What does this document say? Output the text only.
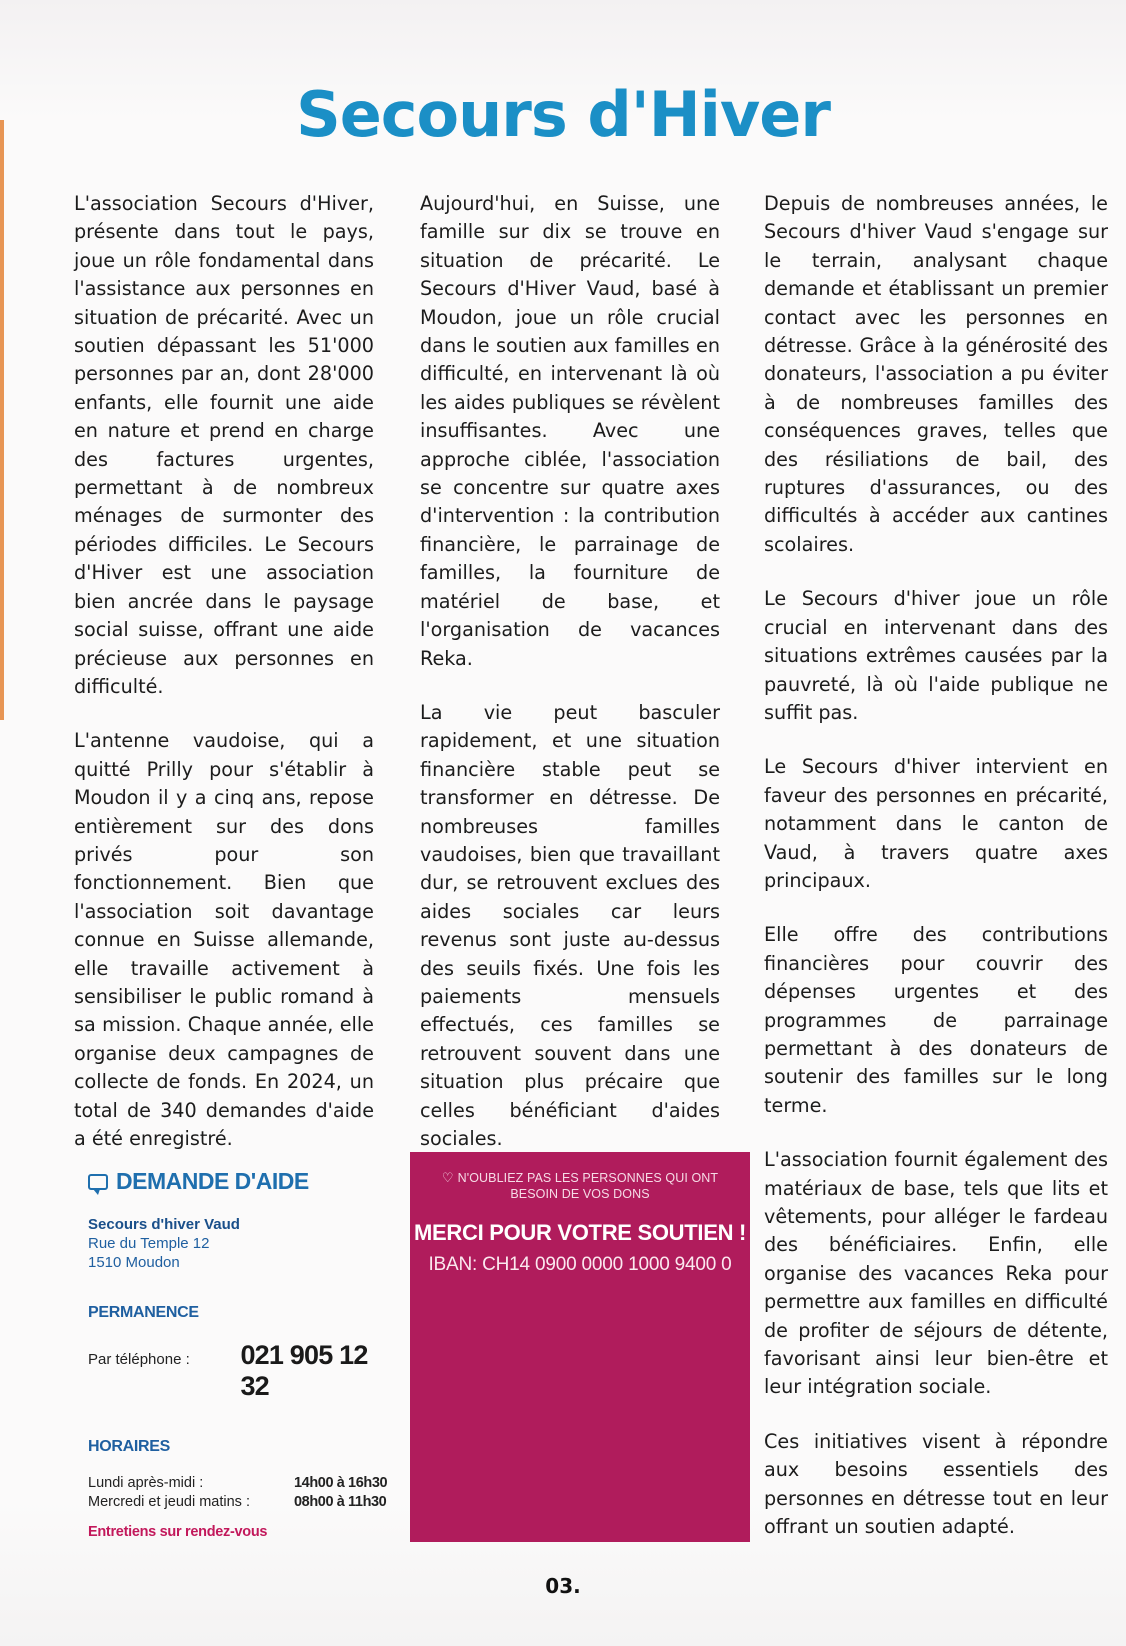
Secours d'Hiver

L'association Secours d'Hiver, présente dans tout le pays, joue un rôle fondamental dans l'assistance aux personnes en situation de précarité. Avec un soutien dépassant les 51'000 personnes par an, dont 28'000 enfants, elle fournit une aide en nature et prend en charge des factures urgentes, permettant à de nombreux ménages de surmonter des périodes difficiles. Le Secours d'Hiver est une association bien ancrée dans le paysage social suisse, offrant une aide précieuse aux personnes en difficulté.

L'antenne vaudoise, qui a quitté Prilly pour s'établir à Moudon il y a cinq ans, repose entièrement sur des dons privés pour son fonctionnement. Bien que l'association soit davantage connue en Suisse allemande, elle travaille activement à sensibiliser le public romand à sa mission. Chaque année, elle organise deux campagnes de collecte de fonds. En 2024, un total de 340 demandes d'aide a été enregistré.

Aujourd'hui, en Suisse, une famille sur dix se trouve en situation de précarité. Le Secours d'Hiver Vaud, basé à Moudon, joue un rôle crucial dans le soutien aux familles en difficulté, en intervenant là où les aides publiques se révèlent insuffisantes. Avec une approche ciblée, l'association se concentre sur quatre axes d'intervention : la contribution financière, le parrainage de familles, la fourniture de matériel de base, et l'organisation de vacances Reka.

La vie peut basculer rapidement, et une situation financière stable peut se transformer en détresse. De nombreuses familles vaudoises, bien que travaillant dur, se retrouvent exclues des aides sociales car leurs revenus sont juste au-dessus des seuils fixés. Une fois les paiements mensuels effectués, ces familles se retrouvent souvent dans une situation plus précaire que celles bénéficiant d'aides sociales.

Depuis de nombreuses années, le Secours d'hiver Vaud s'engage sur le terrain, analysant chaque demande et établissant un premier contact avec les personnes en détresse. Grâce à la générosité des donateurs, l'association a pu éviter à de nombreuses familles des conséquences graves, telles que des résiliations de bail, des ruptures d'assurances, ou des difficultés à accéder aux cantines scolaires.

Le Secours d'hiver joue un rôle crucial en intervenant dans des situations extrêmes causées par la pauvreté, là où l'aide publique ne suffit pas.

Le Secours d'hiver intervient en faveur des personnes en précarité, notamment dans le canton de Vaud, à travers quatre axes principaux.

Elle offre des contributions financières pour couvrir des dépenses urgentes et des programmes de parrainage permettant à des donateurs de soutenir des familles sur le long terme.

L'association fournit également des matériaux de base, tels que lits et vêtements, pour alléger le fardeau des bénéficiaires. Enfin, elle organise des vacances Reka pour permettre aux familles en difficulté de profiter de séjours de détente, favorisant ainsi leur bien-être et leur intégration sociale.

Ces initiatives visent à répondre aux besoins essentiels des personnes en détresse tout en leur offrant un soutien adapté.

DEMANDE D'AIDE
Secours d'hiver Vaud
Rue du Temple 12
1510 Moudon
PERMANENCE
Par téléphone :	021 905 12 32
HORAIRES
Lundi après-midi :	14h00 à 16h30
Mercredi et jeudi matins :	08h00 à 11h30
Entretiens sur rendez-vous
♡ N'OUBLIEZ PAS LES PERSONNES QUI ONT BESOIN DE VOS DONS
MERCI POUR VOTRE SOUTIEN !
IBAN: CH14 0900 0000 1000 9400 0
03.
